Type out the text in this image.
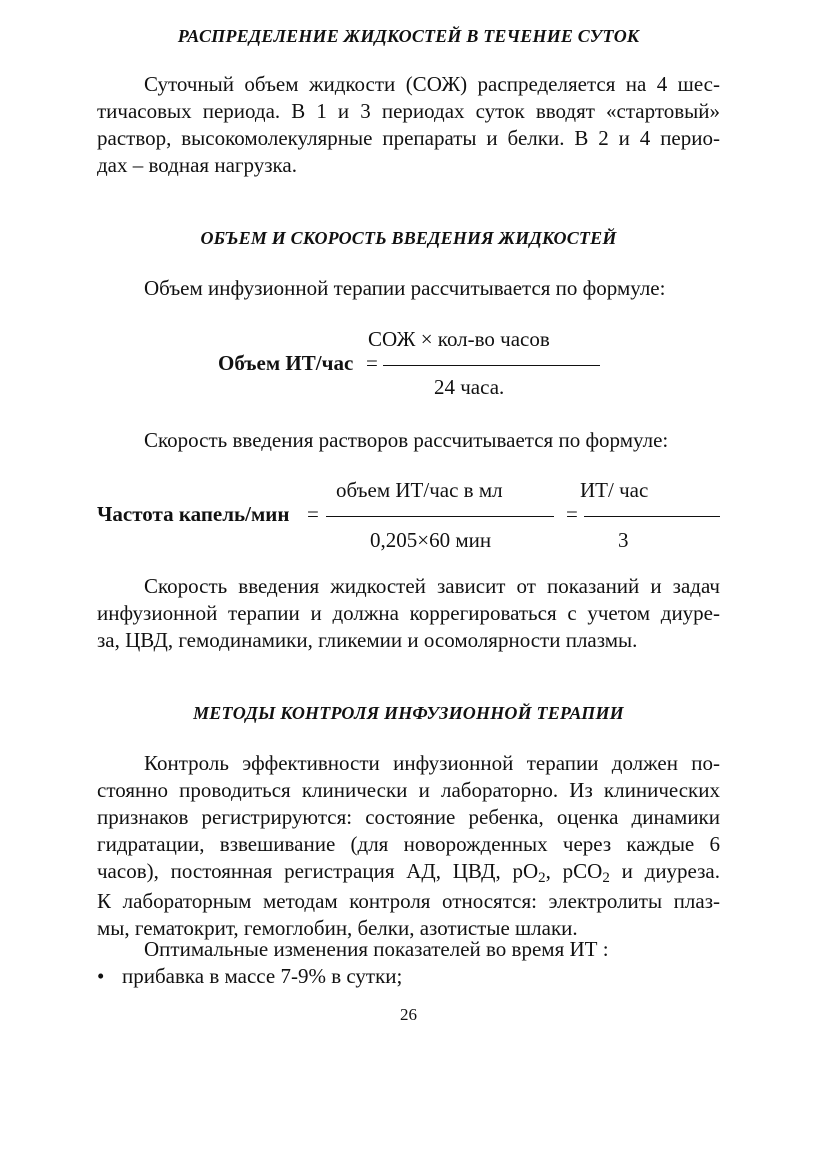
РАСПРЕДЕЛЕНИЕ ЖИДКОСТЕЙ В ТЕЧЕНИЕ СУТОК
Суточный объем жидкости (СОЖ) распределяется на 4 шес-
тичасовых периода. В 1 и 3 периодах суток вводят «стартовый»
раствор, высокомолекулярные препараты и белки. В 2 и 4 перио-
дах – водная нагрузка.
ОБЪЕМ И СКОРОСТЬ ВВЕДЕНИЯ ЖИДКОСТЕЙ
Объем инфузионной терапии рассчитывается по формуле:
СОЖ × кол-во часов
Объем ИТ/час =
24 часа.
Скорость введения растворов рассчитывается по формуле:
объем ИТ/час в мл	ИТ/ час
Частота капель/мин =	=
0,205×60 мин	3
Скорость введения жидкостей зависит от показаний и задач
инфузионной терапии и должна коррегироваться с учетом диуре-
за, ЦВД, гемодинамики, гликемии и осомолярности плазмы.
МЕТОДЫ КОНТРОЛЯ ИНФУЗИОННОЙ ТЕРАПИИ
Контроль эффективности инфузионной терапии должен по-
стоянно проводиться клинически и лабораторно. Из клинических
признаков регистрируются: состояние ребенка, оценка динамики
гидратации, взвешивание (для новорожденных через каждые 6
часов), постоянная регистрация АД, ЦВД, $pO_2$, pCO$_2$ и диуреза.
К лабораторным методам контроля относятся: электролиты плаз-
мы, гематокрит, гемоглобин, белки, азотистые шлаки.
Оптимальные изменения показателей во время ИТ :
• прибавка в массе 7-9% в сутки;
26
